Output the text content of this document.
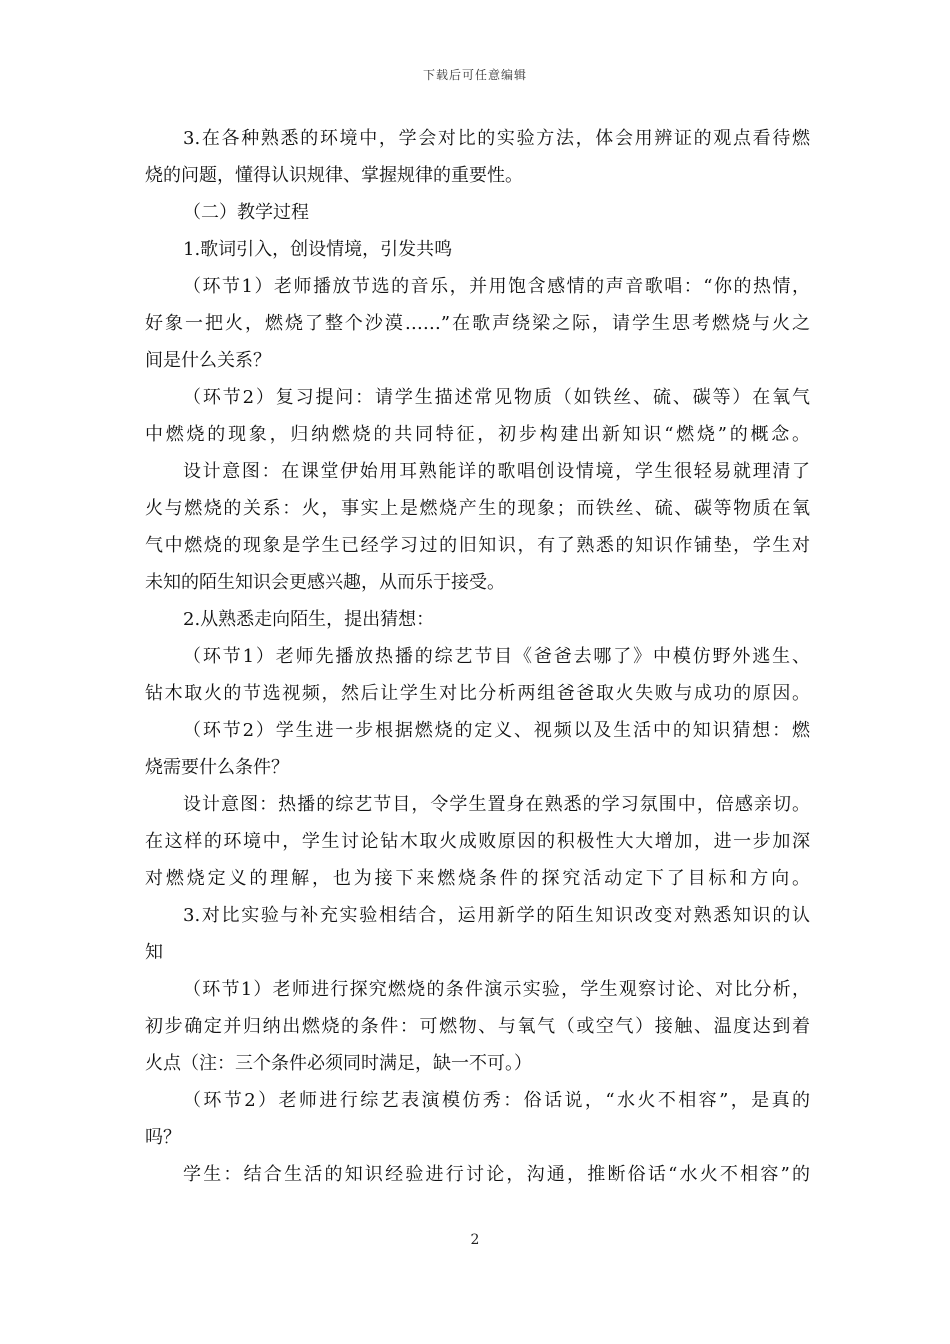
下载后可任意编辑
3.在各种熟悉的环境中，学会对比的实验方法，体会用辨证的观点看待燃
烧的问题，懂得认识规律、掌握规律的重要性。
（二）教学过程
1.歌词引入，创设情境，引发共鸣
（环节1）老师播放节选的音乐，并用饱含感情的声音歌唱：“你的热情，
好象一把火，燃烧了整个沙漠……”在歌声绕梁之际，请学生思考燃烧与火之
间是什么关系？
（环节2）复习提问：请学生描述常见物质（如铁丝、硫、碳等）在氧气
中燃烧的现象，归纳燃烧的共同特征，初步构建出新知识“燃烧”的概念。
设计意图：在课堂伊始用耳熟能详的歌唱创设情境，学生很轻易就理清了
火与燃烧的关系：火，事实上是燃烧产生的现象；而铁丝、硫、碳等物质在氧
气中燃烧的现象是学生已经学习过的旧知识，有了熟悉的知识作铺垫，学生对
未知的陌生知识会更感兴趣，从而乐于接受。
2.从熟悉走向陌生，提出猜想：
（环节1）老师先播放热播的综艺节目《爸爸去哪了》中模仿野外逃生、
钻木取火的节选视频，然后让学生对比分析两组爸爸取火失败与成功的原因。
（环节2）学生进一步根据燃烧的定义、视频以及生活中的知识猜想：燃
烧需要什么条件？
设计意图：热播的综艺节目，令学生置身在熟悉的学习氛围中，倍感亲切。
在这样的环境中，学生讨论钻木取火成败原因的积极性大大增加，进一步加深
对燃烧定义的理解，也为接下来燃烧条件的探究活动定下了目标和方向。
3.对比实验与补充实验相结合，运用新学的陌生知识改变对熟悉知识的认
知
（环节1）老师进行探究燃烧的条件演示实验，学生观察讨论、对比分析，
初步确定并归纳出燃烧的条件：可燃物、与氧气（或空气）接触、温度达到着
火点（注：三个条件必须同时满足，缺一不可。）
（环节2）老师进行综艺表演模仿秀：俗话说，“水火不相容”，是真的
吗？
学生：结合生活的知识经验进行讨论，沟通，推断俗话“水火不相容”的
2
